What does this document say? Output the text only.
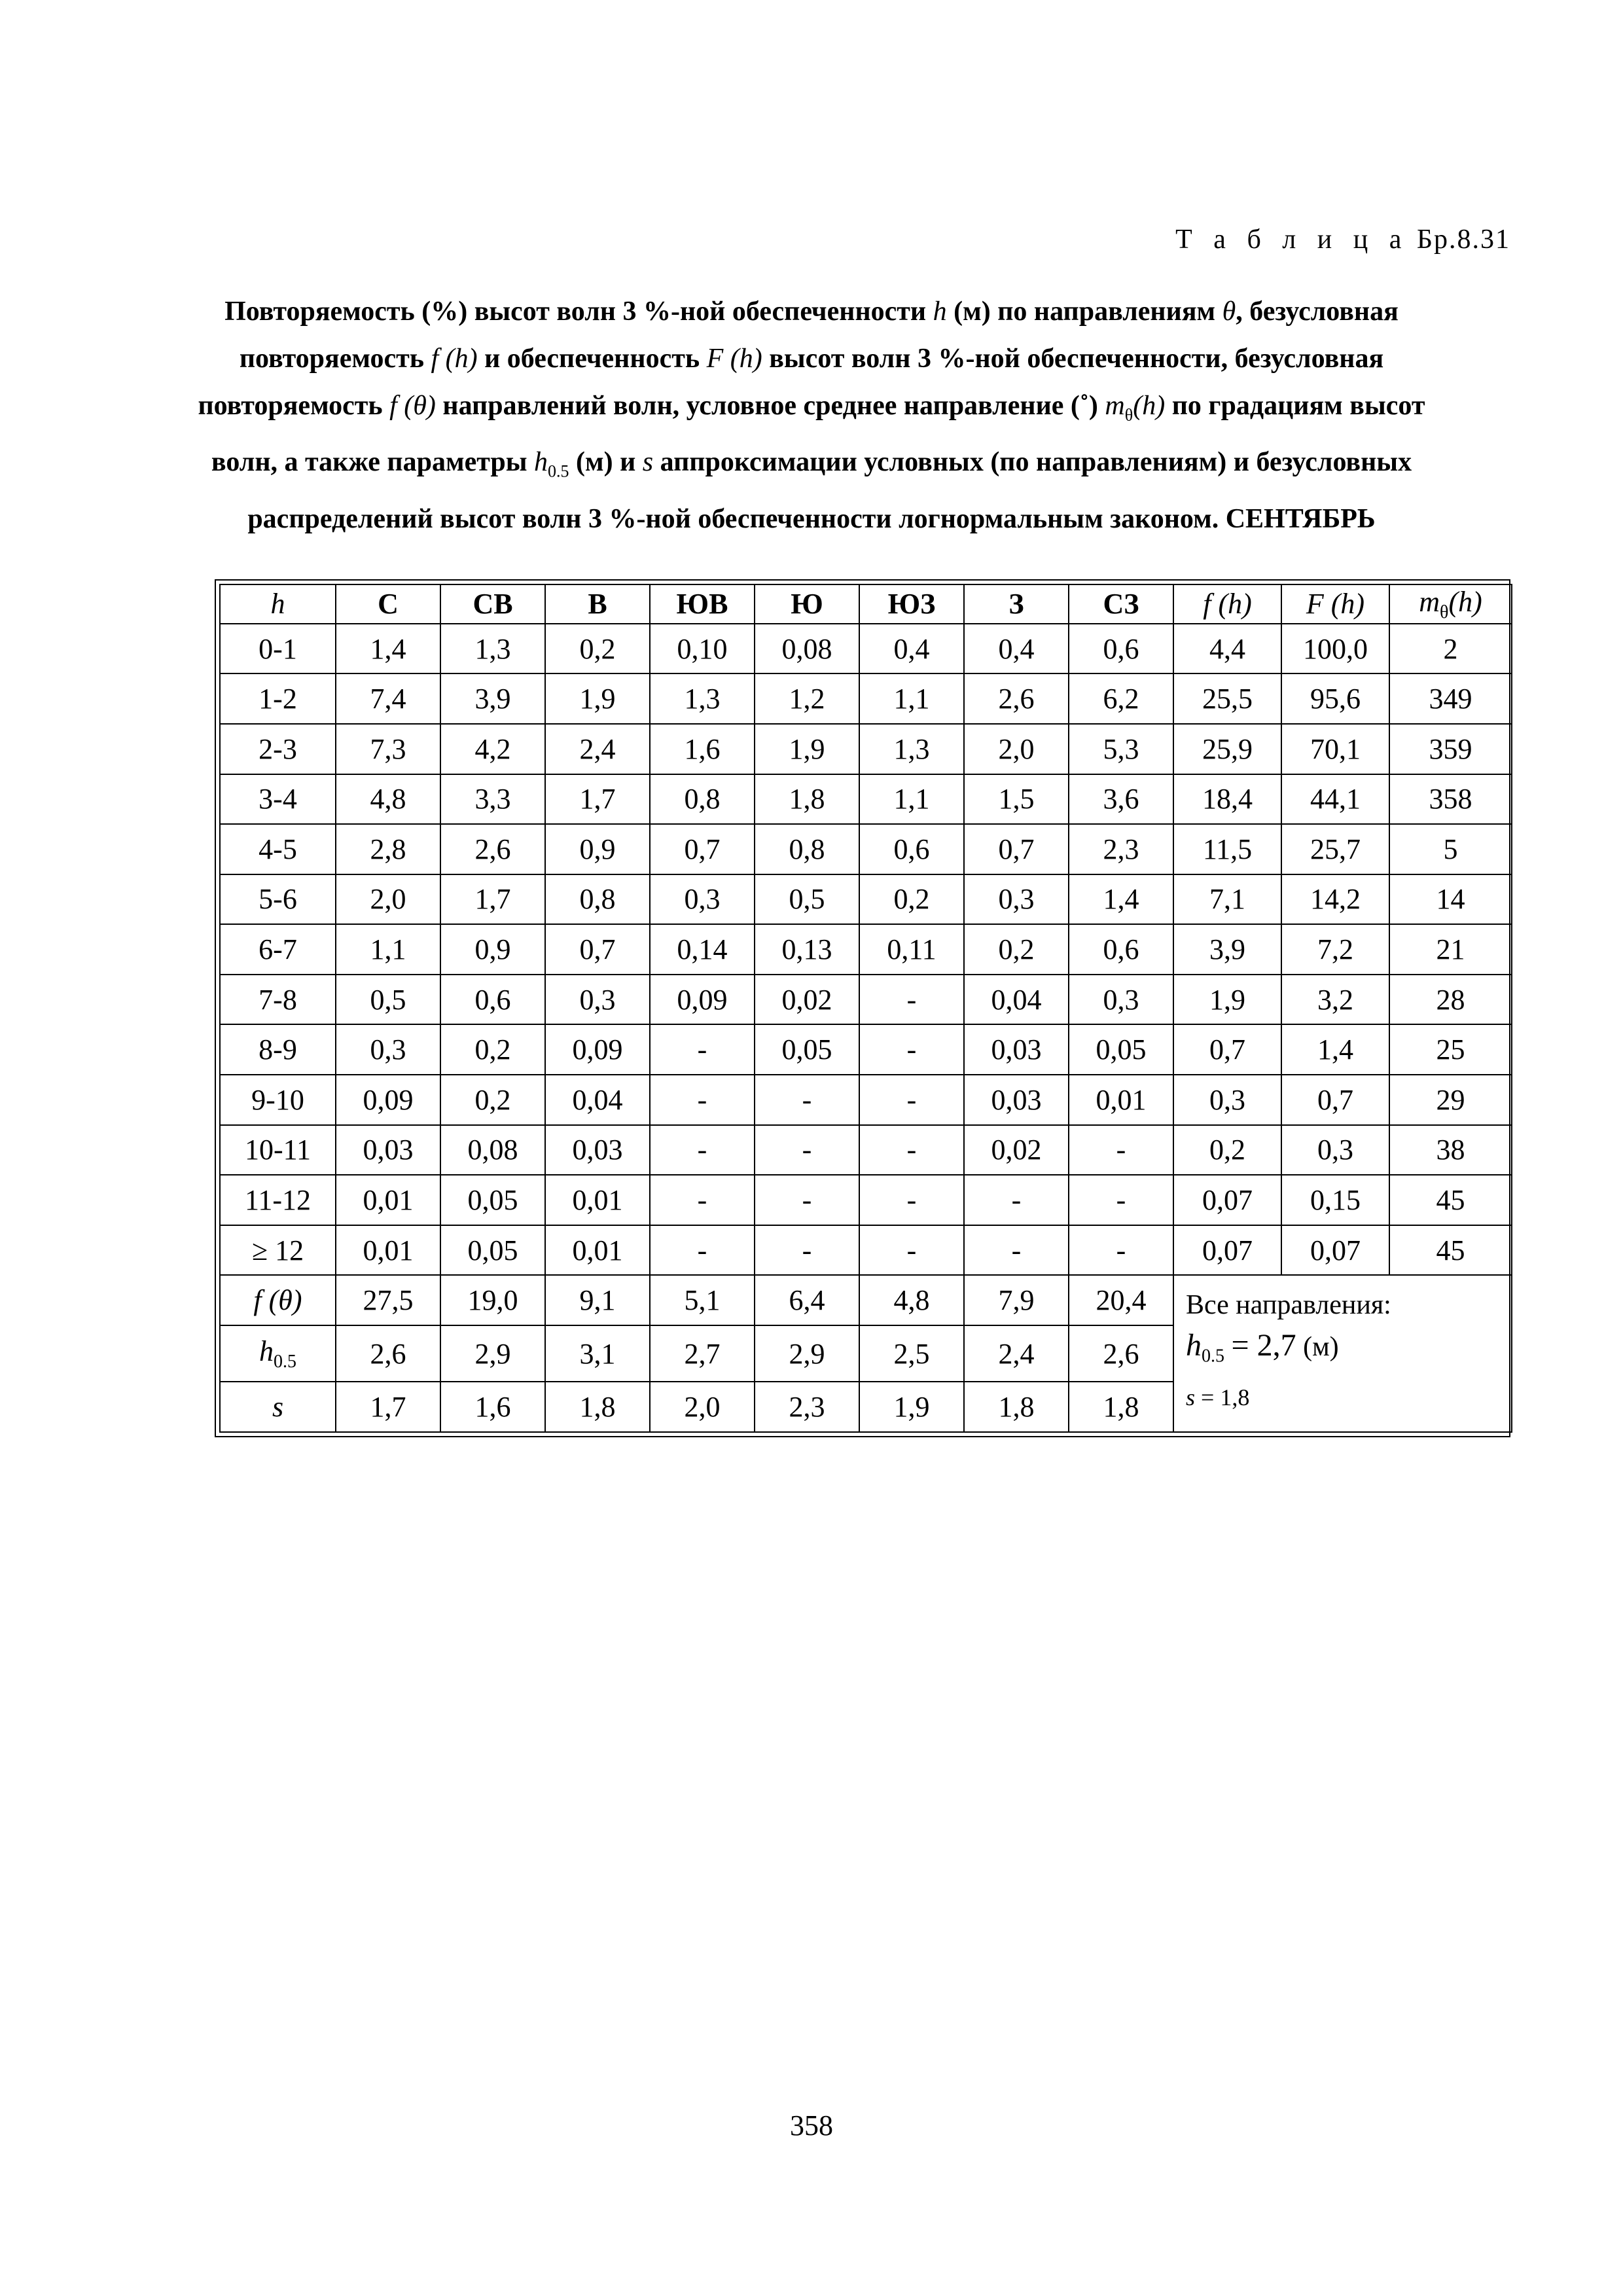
Т а б л и ц а Бр.8.31
Повторяемость (%) высот волн 3 %-ной обеспеченности h (м) по направлениям θ, безусловная повторяемость f (h) и обеспеченность F (h) высот волн 3 %-ной обеспеченности, безусловная повторяемость f (θ) направлений волн, условное среднее направление (˚) $m_\theta(h)$ по градациям высот волн, а также параметры $h_{0.5}$ (м) и s аппроксимации условных (по направлениям) и безусловных распределений высот волн 3 %-ной обеспеченности логнормальным законом. СЕНТЯБРЬ
h	С	СВ	В	ЮВ	Ю	ЮЗ	З	СЗ	f (h)	F (h)	$m_\theta(h)$
0-1	1,4	1,3	0,2	0,10	0,08	0,4	0,4	0,6	4,4	100,0	2
1-2	7,4	3,9	1,9	1,3	1,2	1,1	2,6	6,2	25,5	95,6	349
2-3	7,3	4,2	2,4	1,6	1,9	1,3	2,0	5,3	25,9	70,1	359
3-4	4,8	3,3	1,7	0,8	1,8	1,1	1,5	3,6	18,4	44,1	358
4-5	2,8	2,6	0,9	0,7	0,8	0,6	0,7	2,3	11,5	25,7	5
5-6	2,0	1,7	0,8	0,3	0,5	0,2	0,3	1,4	7,1	14,2	14
6-7	1,1	0,9	0,7	0,14	0,13	0,11	0,2	0,6	3,9	7,2	21
7-8	0,5	0,6	0,3	0,09	0,02	-	0,04	0,3	1,9	3,2	28
8-9	0,3	0,2	0,09	-	0,05	-	0,03	0,05	0,7	1,4	25
9-10	0,09	0,2	0,04	-	-	-	0,03	0,01	0,3	0,7	29
10-11	0,03	0,08	0,03	-	-	-	0,02	-	0,2	0,3	38
11-12	0,01	0,05	0,01	-	-	-	-	-	0,07	0,15	45
≥ 12	0,01	0,05	0,01	-	-	-	-	-	0,07	0,07	45
f (θ)	27,5	19,0	9,1	5,1	6,4	4,8	7,9	20,4	Все направления:
$h_{0.5} = 2,7$ (м)
s = 1,8		

$h_{0.5}$	2,6	2,9	3,1	2,7	2,9	2,5	2,4	2,6			
s	1,7	1,6	1,8	2,0	2,3	1,9	1,8	1,8			
358
